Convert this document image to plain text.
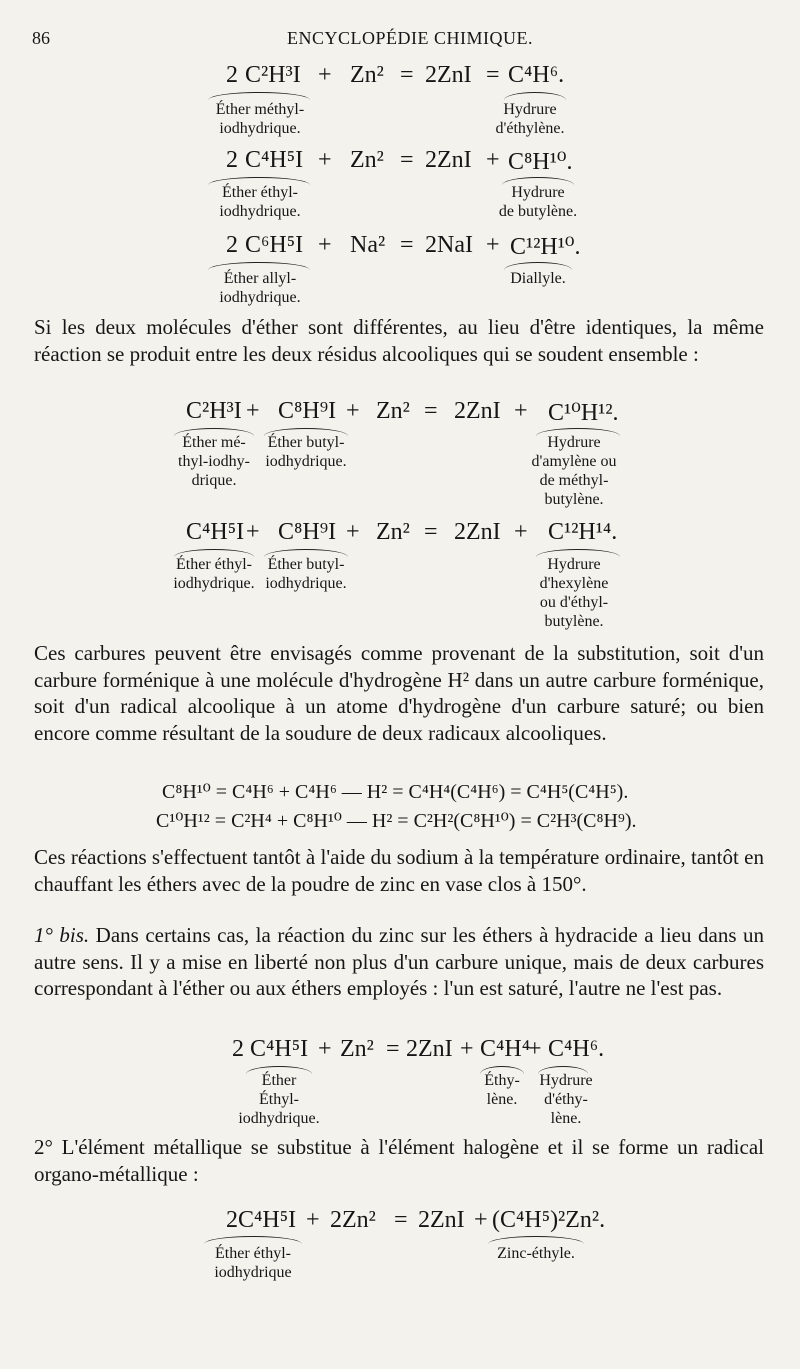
86	ENCYCLOPÉDIE CHIMIQUE.
2 C²H³I + Zn² = 2ZnI = C⁴H⁶.
Éther méthyl-
iodhydrique.
Hydrure
d'éthylène.
2 C⁴H⁵I + Zn² = 2ZnI + C⁸H¹⁰.
Éther éthyl-
iodhydrique.
Hydrure
de butylène.
2 C⁶H⁵I + Na² = 2NaI + C¹²H¹⁰.
Éther allyl-
iodhydrique.
Diallyle.
Si les deux molécules d'éther sont différentes, au lieu d'être identiques, la même réaction se produit entre les deux résidus alcooliques qui se soudent ensemble :
C²H³I + C⁸H⁹I + Zn² = 2ZnI + C¹⁰H¹².
Éther mé-
thyl-iodhy-
drique.
Éther butyl-
iodhydrique.
Hydrure
d'amylène ou
de méthyl-
butylène.
C⁴H⁵I + C⁸H⁹I + Zn² = 2ZnI + C¹²H¹⁴.
Éther éthyl-
iodhydrique.
Éther butyl-
iodhydrique.
Hydrure
d'hexylène
ou d'éthyl-
butylène.
Ces carbures peuvent être envisagés comme provenant de la substitution, soit d'un carbure forménique à une molécule d'hydrogène H² dans un autre carbure forménique, soit d'un radical alcoolique à un atome d'hydrogène d'un carbure saturé; ou bien encore comme résultant de la soudure de deux radicaux alcooliques.
C⁸H¹⁰ = C⁴H⁶ + C⁴H⁶ — H² = C⁴H⁴(C⁴H⁶) = C⁴H⁵(C⁴H⁵).
C¹⁰H¹² = C²H⁴ + C⁸H¹⁰ — H² = C²H²(C⁸H¹⁰) = C²H³(C⁸H⁹).
Ces réactions s'effectuent tantôt à l'aide du sodium à la température ordinaire, tantôt en chauffant les éthers avec de la poudre de zinc en vase clos à 150°.
1° bis. Dans certains cas, la réaction du zinc sur les éthers à hydracide a lieu dans un autre sens. Il y a mise en liberté non plus d'un carbure unique, mais de deux carbures correspondant à l'éther ou aux éthers employés : l'un est saturé, l'autre ne l'est pas.
2 C⁴H⁵I + Zn² = 2ZnI + C⁴H⁴
+ C⁴H⁶.
Éther
Éthyl-
iodhydrique.
Éthy-
lène.
Hydrure
d'éthy-
lène.
2° L'élément métallique se substitue à l'élément halogène et il se forme un radical organo-métallique :
2C⁴H⁵I + 2Zn² = 2ZnI + (C⁴H⁵)²Zn².
Éther éthyl-
iodhydrique
Zinc-éthyle.
